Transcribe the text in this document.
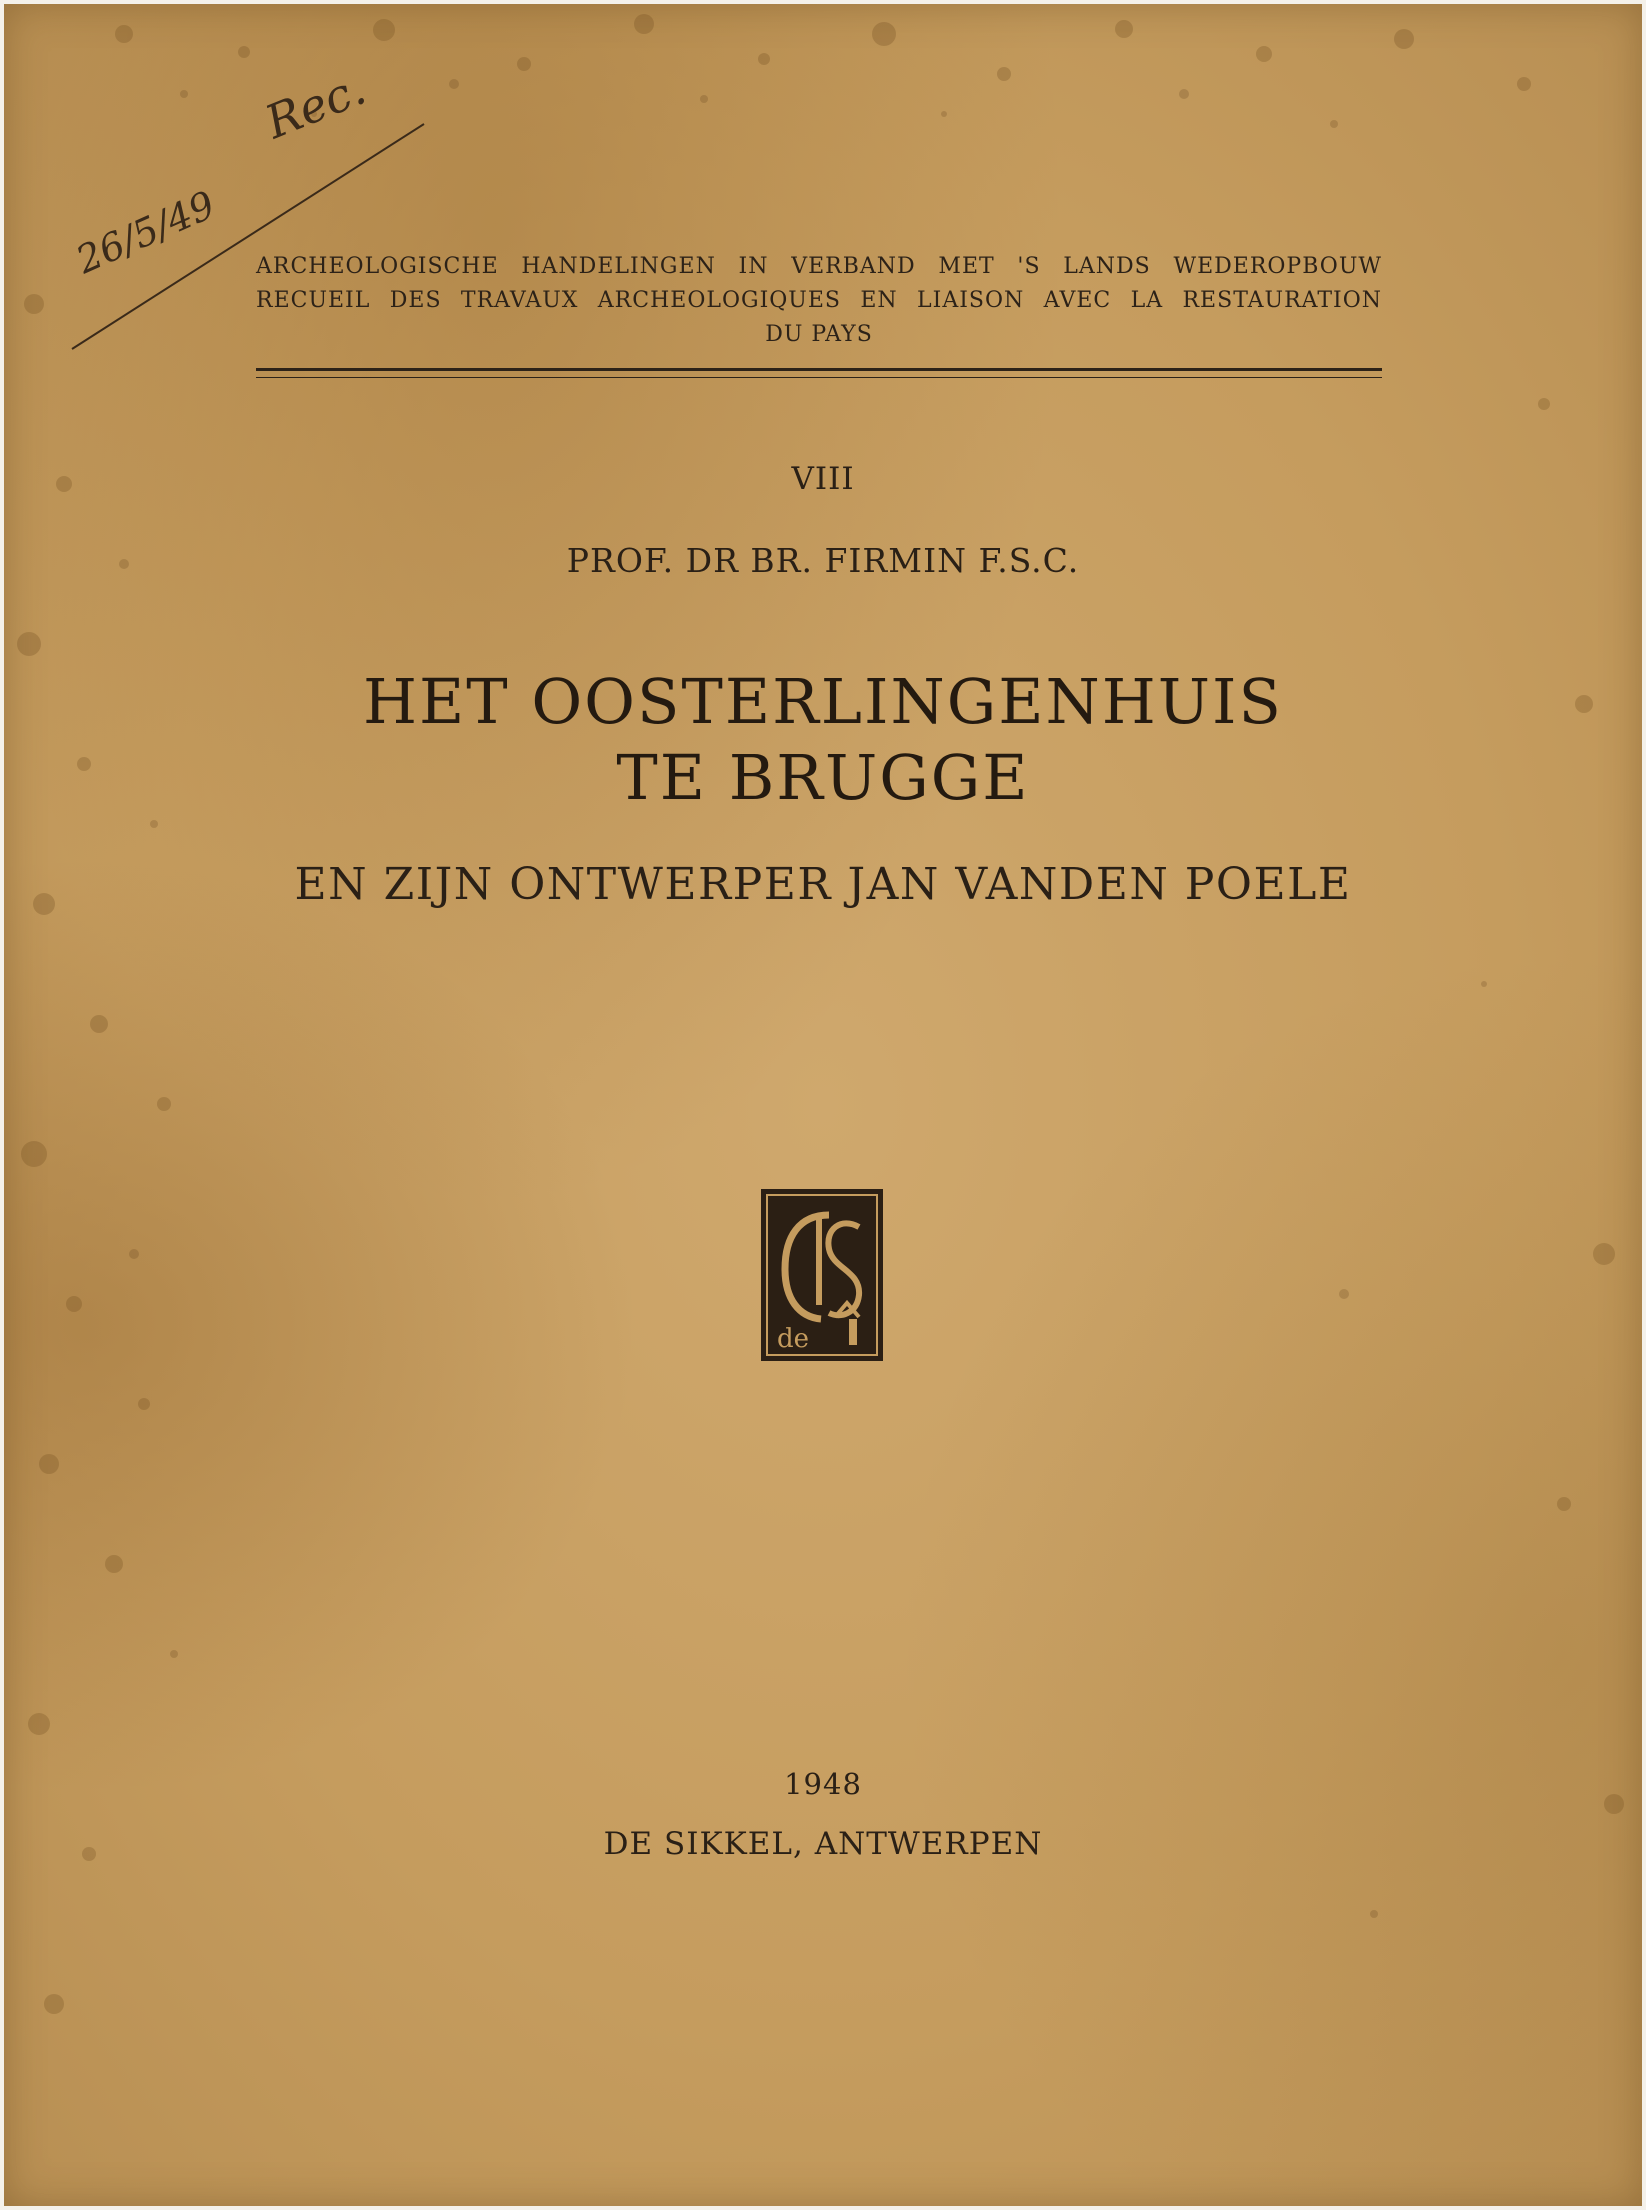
Rec.
26/5/49 ARCHEOLOGISCHE HANDELINGEN IN VERBAND MET 'S LANDS WEDEROPBOUW
RECUEIL DES TRAVAUX ARCHEOLOGIQUES EN LIAISON AVEC LA RESTAURATION
DU PAYS
VIII
PROF. DR BR. FIRMIN F.S.C.
HET OOSTERLINGENHUIS
TE BRUGGE
EN ZIJN ONTWERPER JAN VANDEN POELE
de
1948
DE SIKKEL, ANTWERPEN
